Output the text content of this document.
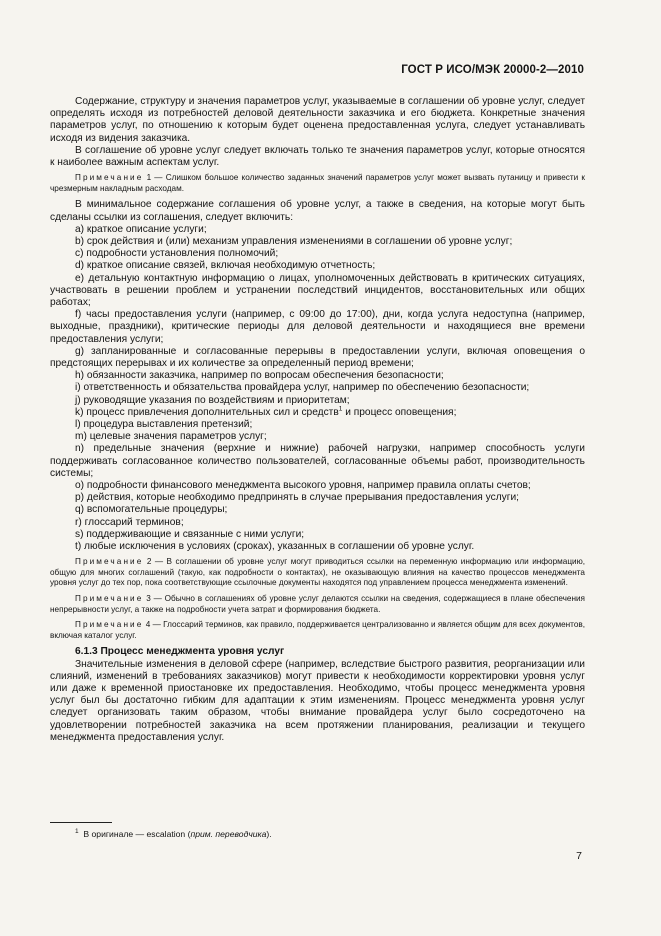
ГОСТ Р ИСО/МЭК 20000-2—2010

Содержание, структуру и значения параметров услуг, указываемые в соглашении об уровне услуг, следует определять исходя из потребностей деловой деятельности заказчика и его бюджета. Конкретные значения параметров услуг, по отношению к которым будет оценена предоставленная услуга, следует устанавливать исходя из видения заказчика.

В соглашение об уровне услуг следует включать только те значения параметров услуг, которые относятся к наиболее важным аспектам услуг.

Примечание 1 — Слишком большое количество заданных значений параметров услуг может вызвать путаницу и привести к чрезмерным накладным расходам.

В минимальное содержание соглашения об уровне услуг, а также в сведения, на которые могут быть сделаны ссылки из соглашения, следует включить:

a) краткое описание услуги;

b) срок действия и (или) механизм управления изменениями в соглашении об уровне услуг;

c) подробности установления полномочий;

d) краткое описание связей, включая необходимую отчетность;

e) детальную контактную информацию о лицах, уполномоченных действовать в критических ситуациях, участвовать в решении проблем и устранении последствий инцидентов, восстановительных или общих работах;

f) часы предоставления услуги (например, с 09:00 до 17:00), дни, когда услуга недоступна (например, выходные, праздники), критические периоды для деловой деятельности и находящиеся вне времени предоставления услуги;

g) запланированные и согласованные перерывы в предоставлении услуги, включая оповещения о предстоящих перерывах и их количестве за определенный период времени;

h) обязанности заказчика, например по вопросам обеспечения безопасности;

i) ответственность и обязательства провайдера услуг, например по обеспечению безопасности;

j) руководящие указания по воздействиям и приоритетам;

k) процесс привлечения дополнительных сил и средств$^1$ и процесс оповещения;

l) процедура выставления претензий;

m) целевые значения параметров услуг;

n) предельные значения (верхние и нижние) рабочей нагрузки, например способность услуги поддерживать согласованное количество пользователей, согласованные объемы работ, производительность системы;

o) подробности финансового менеджмента высокого уровня, например правила оплаты счетов;

p) действия, которые необходимо предпринять в случае прерывания предоставления услуги;

q) вспомогательные процедуры;

r) глоссарий терминов;

s) поддерживающие и связанные с ними услуги;

t) любые исключения в условиях (сроках), указанных в соглашении об уровне услуг.

Примечание 2 — В соглашении об уровне услуг могут приводиться ссылки на переменную информацию или информацию, общую для многих соглашений (такую, как подробности о контактах), не оказывающую влияния на качество процессов менеджмента уровня услуг до тех пор, пока соответствующие ссылочные документы находятся под управлением процесса менеджмента изменений.

Примечание 3 — Обычно в соглашениях об уровне услуг делаются ссылки на сведения, содержащиеся в плане обеспечения непрерывности услуг, а также на подробности учета затрат и формирования бюджета.

Примечание 4 — Глоссарий терминов, как правило, поддерживается централизованно и является общим для всех документов, включая каталог услуг.

6.1.3 Процесс менеджмента уровня услуг

Значительные изменения в деловой сфере (например, вследствие быстрого развития, реорганизации или слияний, изменений в требованиях заказчиков) могут привести к необходимости корректировки уровня услуг или даже к временной приостановке их предоставления. Необходимо, чтобы процесс менеджмента уровня услуг был бы достаточно гибким для адаптации к этим изменениям. Процесс менеджмента уровня услуг следует организовать таким образом, чтобы внимание провайдера услуг было сосредоточено на удовлетворении потребностей заказчика на всем протяжении планирования, реализации и текущего менеджмента предоставления услуг.

$^1$ В оригинале — escalation (прим. переводчика).
7
